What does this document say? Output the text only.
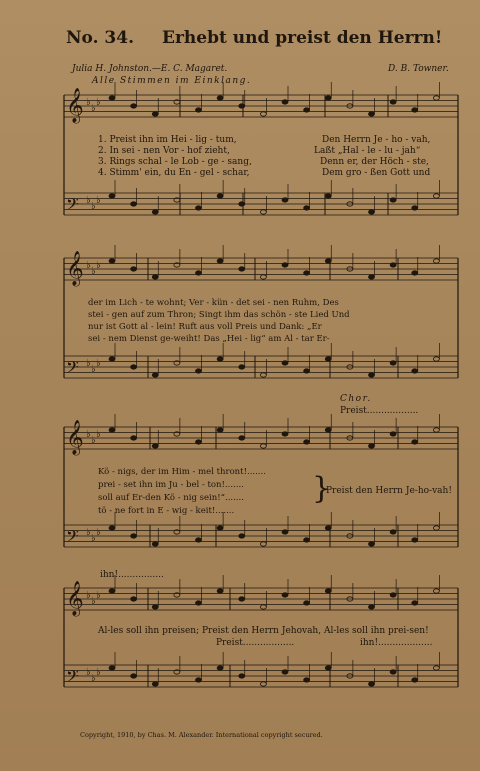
𝄞 ♭
♭
♭
𝄢 ♭
♭
♭
𝄞 ♭
♭
♭
𝄢 ♭
♭
♭
𝄞 ♭
♭
♭
𝄢 ♭
♭
♭
𝄞 ♭
♭
♭
𝄢 ♭
♭
♭
No. 34. Erhebt und preist den Herrn!
Julia H. Johnston.—E. C. Magaret.	D. B. Towner.
Alle Stimmen im Einklang.
1. Preist ihn im Hei - lig - tum,	Den Herrn Je - ho - vah,
2. In sei - nen Vor - hof zieht,	Laßt „Hal - le - lu - jah“
3. Rings schal - le Lob - ge - sang,	Denn er, der Höch - ste,
4. Stimm' ein, du En - gel - schar,	Dem gro - ßen Gott und
der im Lich - te wohnt; Ver - kün - det sei - nen Ruhm, Des
stei - gen auf zum Thron; Singt ihm das schön - ste Lied Und
nur ist Gott al - lein! Ruft aus voll Preis und Dank: „Er
sei - nem Dienst ge-weiht! Das „Hei - lig“ am Al - tar Er-
Chor.
Preist..................
Kö - nigs, der im Him - mel thront!.......
prei - set ihn im Ju - bel - ton!.......
soll auf Er-den Kö - nig sein!“.......
tö - ne fort in E - wig - keit!.......
}
Preist den Herrn Je-ho-vah!
ihn!................
Al-les soll ihn preisen; Preist den Herrn Jehovah, Al-les soll ihn prei-sen!
Preist..................	ihn!...................
Copyright, 1910, by Chas. M. Alexander. International copyright secured.
